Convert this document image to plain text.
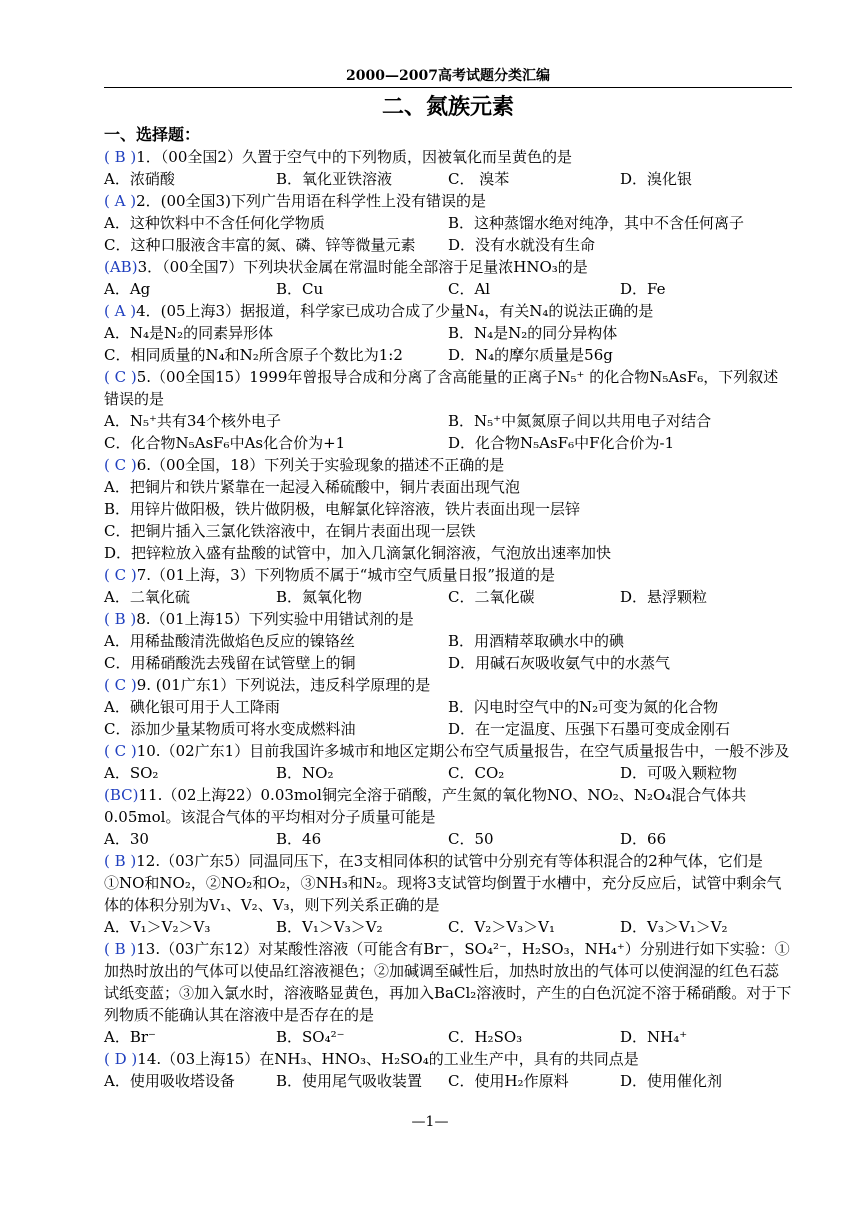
2000—2007高考试题分类汇编
二、氮族元素
一、选择题：

( B )1．（00全国2）久置于空气中的下列物质，因被氧化而呈黄色的是

A．浓硝酸	B．氧化亚铁溶液	C． 溴苯	D．溴化银

( A )2．(00全国3)下列广告用语在科学性上没有错误的是

A．这种饮料中不含任何化学物质	B．这种蒸馏水绝对纯净，其中不含任何离子
C．这种口服液含丰富的氮、磷、锌等微量元素	D．没有水就没有生命

(AB)3．（00全国7）下列块状金属在常温时能全部溶于足量浓HNO₃的是

A．Ag	B．Cu	C．Al	D．Fe

( A )4．(05上海3）据报道，科学家已成功合成了少量N₄，有关N₄的说法正确的是

A．N₄是N₂的同素异形体	B．N₄是N₂的同分异构体
C．相同质量的N₄和N₂所含原子个数比为1:2	D．N₄的摩尔质量是56g

( C )5.（00全国15）1999年曾报导合成和分离了含高能量的正离子N₅⁺ 的化合物N₅AsF₆，下列叙述错误的是

A．N₅⁺共有34个核外电子	B．N₅⁺中氮氮原子间以共用电子对结合
C．化合物N₅AsF₆中As化合价为+1	D．化合物N₅AsF₆中F化合价为-1

( C )6.（00全国，18）下列关于实验现象的描述不正确的是

A．把铜片和铁片紧靠在一起浸入稀硫酸中，铜片表面出现气泡
B．用锌片做阳极，铁片做阴极，电解氯化锌溶液，铁片表面出现一层锌
C．把铜片插入三氯化铁溶液中，在铜片表面出现一层铁
D．把锌粒放入盛有盐酸的试管中，加入几滴氯化铜溶液，气泡放出速率加快

( C )7.（01上海，3）下列物质不属于“城市空气质量日报”报道的是

A．二氧化硫	B．氮氧化物	C．二氧化碳	D．悬浮颗粒

( B )8.（01上海15）下列实验中用错试剂的是

A．用稀盐酸清洗做焰色反应的镍铬丝	B．用酒精萃取碘水中的碘
C．用稀硝酸洗去残留在试管壁上的铜	D．用碱石灰吸收氨气中的水蒸气

( C )9. (01广东1）下列说法，违反科学原理的是

A．碘化银可用于人工降雨	B．闪电时空气中的N₂可变为氮的化合物
C．添加少量某物质可将水变成燃料油	D．在一定温度、压强下石墨可变成金刚石

( C )10.（02广东1）目前我国许多城市和地区定期公布空气质量报告，在空气质量报告中，一般不涉及

A．SO₂	B．NO₂	C．CO₂	D．可吸入颗粒物

(BC)11.（02上海22）0.03mol铜完全溶于硝酸，产生氮的氧化物NO、NO₂、N₂O₄混合气体共0.05mol。该混合气体的平均相对分子质量可能是

A．30	B．46	C．50	D．66

( B )12.（03广东5）同温同压下，在3支相同体积的试管中分别充有等体积混合的2种气体，它们是①NO和NO₂，②NO₂和O₂，③NH₃和N₂。现将3支试管均倒置于水槽中，充分反应后，试管中剩余气体的体积分别为V₁、V₂、V₃，则下列关系正确的是

A．V₁＞V₂＞V₃	B．V₁＞V₃＞V₂	C．V₂＞V₃＞V₁	D．V₃＞V₁＞V₂

( B )13.（03广东12）对某酸性溶液（可能含有Br⁻，SO₄²⁻，H₂SO₃，NH₄⁺）分别进行如下实验：①加热时放出的气体可以使品红溶液褪色；②加碱调至碱性后，加热时放出的气体可以使润湿的红色石蕊试纸变蓝；③加入氯水时，溶液略显黄色，再加入BaCl₂溶液时，产生的白色沉淀不溶于稀硝酸。对于下列物质不能确认其在溶液中是否存在的是

A．Br⁻	B．SO₄²⁻	C．H₂SO₃	D．NH₄⁺

( D )14.（03上海15）在NH₃、HNO₃、H₂SO₄的工业生产中，具有的共同点是

A．使用吸收塔设备	B．使用尾气吸收装置	C．使用H₂作原料	D．使用催化剂
—1—
